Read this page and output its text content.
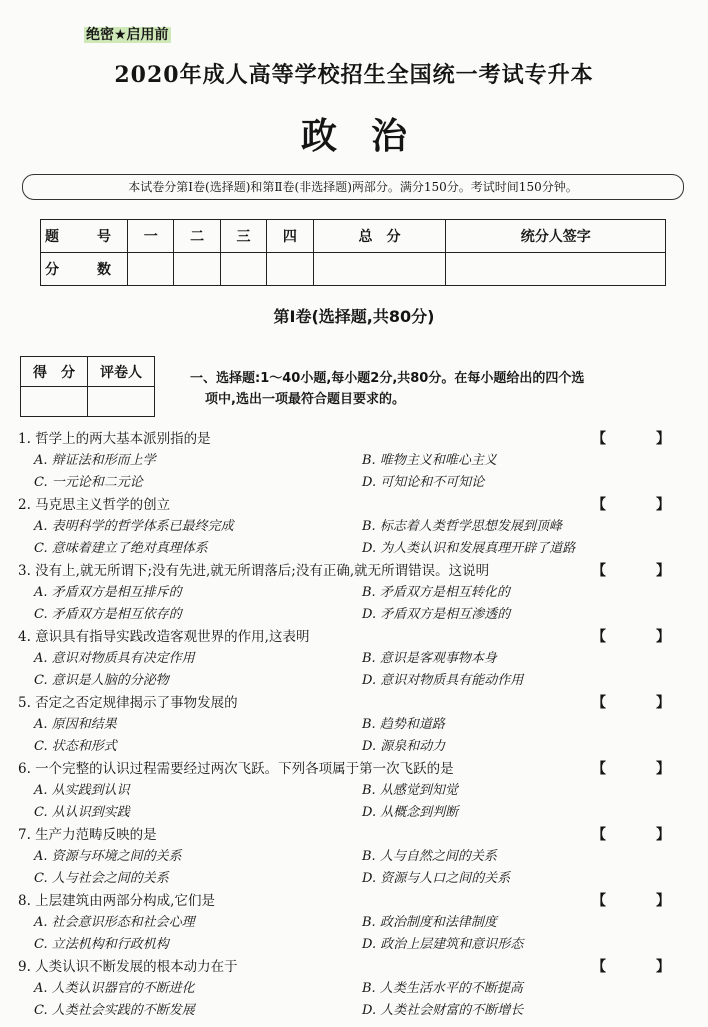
绝密★启用前
2020年成人高等学校招生全国统一考试专升本
政治
本试卷分第Ⅰ卷(选择题)和第Ⅱ卷(非选择题)两部分。满分150分。考试时间150分钟。
题　号	一	二	三	四	总　分	统分人签字
分　数						
第Ⅰ卷(选择题,共80分)
得　分	评卷人
		一、选择题:1～40小题,每小题2分,共80分。在每小题给出的四个选
项中,选出一项最符合题目要求的。
1. 哲学上的两大基本派别指的是	【　】
A. 辩证法和形而上学	B. 唯物主义和唯心主义
C. 一元论和二元论	D. 可知论和不可知论
2. 马克思主义哲学的创立	【　】
A. 表明科学的哲学体系已最终完成	B. 标志着人类哲学思想发展到顶峰
C. 意味着建立了绝对真理体系	D. 为人类认识和发展真理开辟了道路
3. 没有上,就无所谓下;没有先进,就无所谓落后;没有正确,就无所谓错误。这说明	【　】
A. 矛盾双方是相互排斥的	B. 矛盾双方是相互转化的
C. 矛盾双方是相互依存的	D. 矛盾双方是相互渗透的
4. 意识具有指导实践改造客观世界的作用,这表明	【　】
A. 意识对物质具有决定作用	B. 意识是客观事物本身
C. 意识是人脑的分泌物	D. 意识对物质具有能动作用
5. 否定之否定规律揭示了事物发展的	【　】
A. 原因和结果	B. 趋势和道路
C. 状态和形式	D. 源泉和动力
6. 一个完整的认识过程需要经过两次飞跃。下列各项属于第一次飞跃的是	【　】
A. 从实践到认识	B. 从感觉到知觉
C. 从认识到实践	D. 从概念到判断
7. 生产力范畴反映的是	【　】
A. 资源与环境之间的关系	B. 人与自然之间的关系
C. 人与社会之间的关系	D. 资源与人口之间的关系
8. 上层建筑由两部分构成,它们是	【　】
A. 社会意识形态和社会心理	B. 政治制度和法律制度
C. 立法机构和行政机构	D. 政治上层建筑和意识形态
9. 人类认识不断发展的根本动力在于	【　】
A. 人类认识器官的不断进化	B. 人类生活水平的不断提高
C. 人类社会实践的不断发展	D. 人类社会财富的不断增长
